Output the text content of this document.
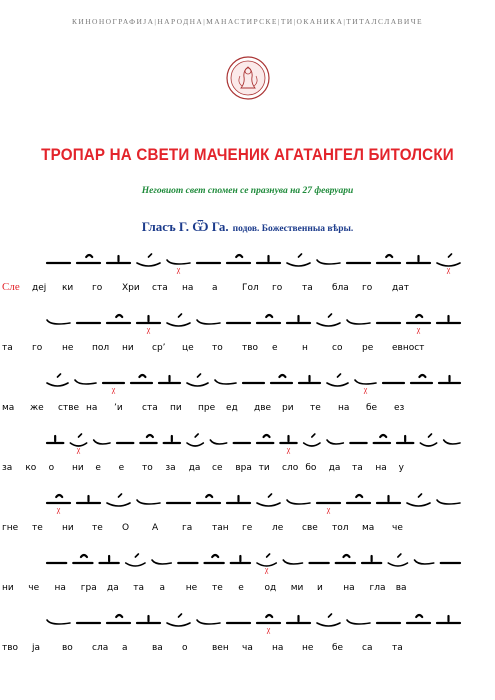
КИНОНОГРАФИЈА|НАРОДНА|МАНАСТИРСКЕ|ТИ|ОКАНИКА|ТИТАЛСЛАВИЧЕ
ТРОПАР НА СВЕТИ МАЧЕНИК АГАТАНГЕЛ БИТОЛСКИ
Неговиот свет спомен се празнува на 27 февруари
Гласъ Г. Ѿ Га. подов. Божественныа вѣры.
χ	χ
Сле деј ки го Хри ста на а	Гол го та бла го дат
χ	χ
та го не пол ни срʼ це то тво е	н	со ре евност
χ	χ
ма же стве на ʼи ста пи пре ед две ри те на бе ез
χ	χ
за ко о ни е е то за да се вра ти сло бо да та на у
χ	χ
гне те ни те О	А	га тан ге ле све тол ма че
χ
ни че на гра да та а не те е од ми и на гла ва
χ
тво ја во сла а	ва о	вен ча на не бе са та
